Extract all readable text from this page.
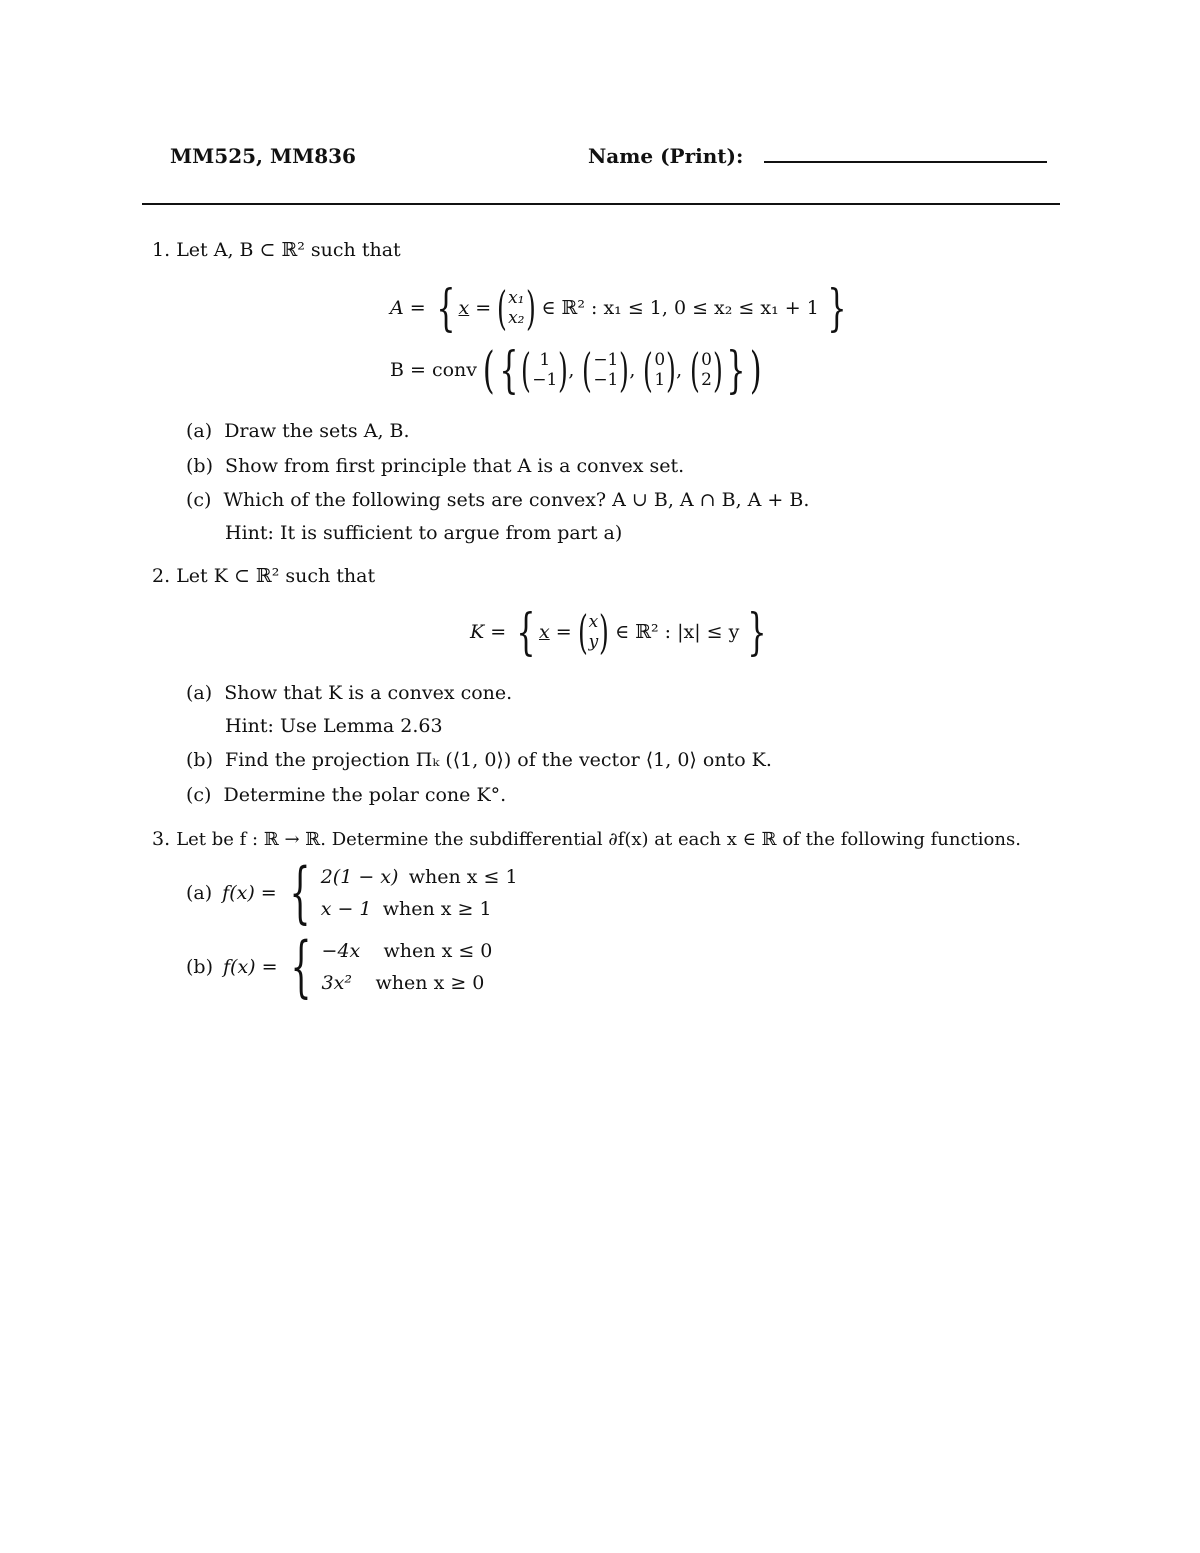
MM525, MM836	Name (Print):
1. Let A, B ⊂ ℝ² such that
A = { x = ( x₁
x₂ ) ∈ ℝ² : x₁ ≤ 1, 0 ≤ x₂ ≤ x₁ + 1 }
B = conv ( { ( 1
−1 ) , ( −1
−1 ) , ( 0
1 ) , ( 0
2 ) } )
(a) Draw the sets A, B.
(b) Show from first principle that A is a convex set.
(c) Which of the following sets are convex? A ∪ B, A ∩ B, A + B.
Hint: It is sufficient to argue from part a)
2. Let K ⊂ ℝ² such that
K = { x = ( x
y ) ∈ ℝ² : |x| ≤ y }
(a) Show that K is a convex cone.
Hint: Use Lemma 2.63
(b) Find the projection Πₖ (⟨1, 0⟩) of the vector ⟨1, 0⟩ onto K.
(c) Determine the polar cone K°.
3. Let be f : ℝ → ℝ. Determine the subdifferential ∂f(x) at each x ∈ ℝ of the following functions.
(a) f(x) = { 2(1 − x) when x ≤ 1
x − 1 when x ≥ 1
(b) f(x) = { −4x when x ≤ 0
3x² when x ≥ 0
